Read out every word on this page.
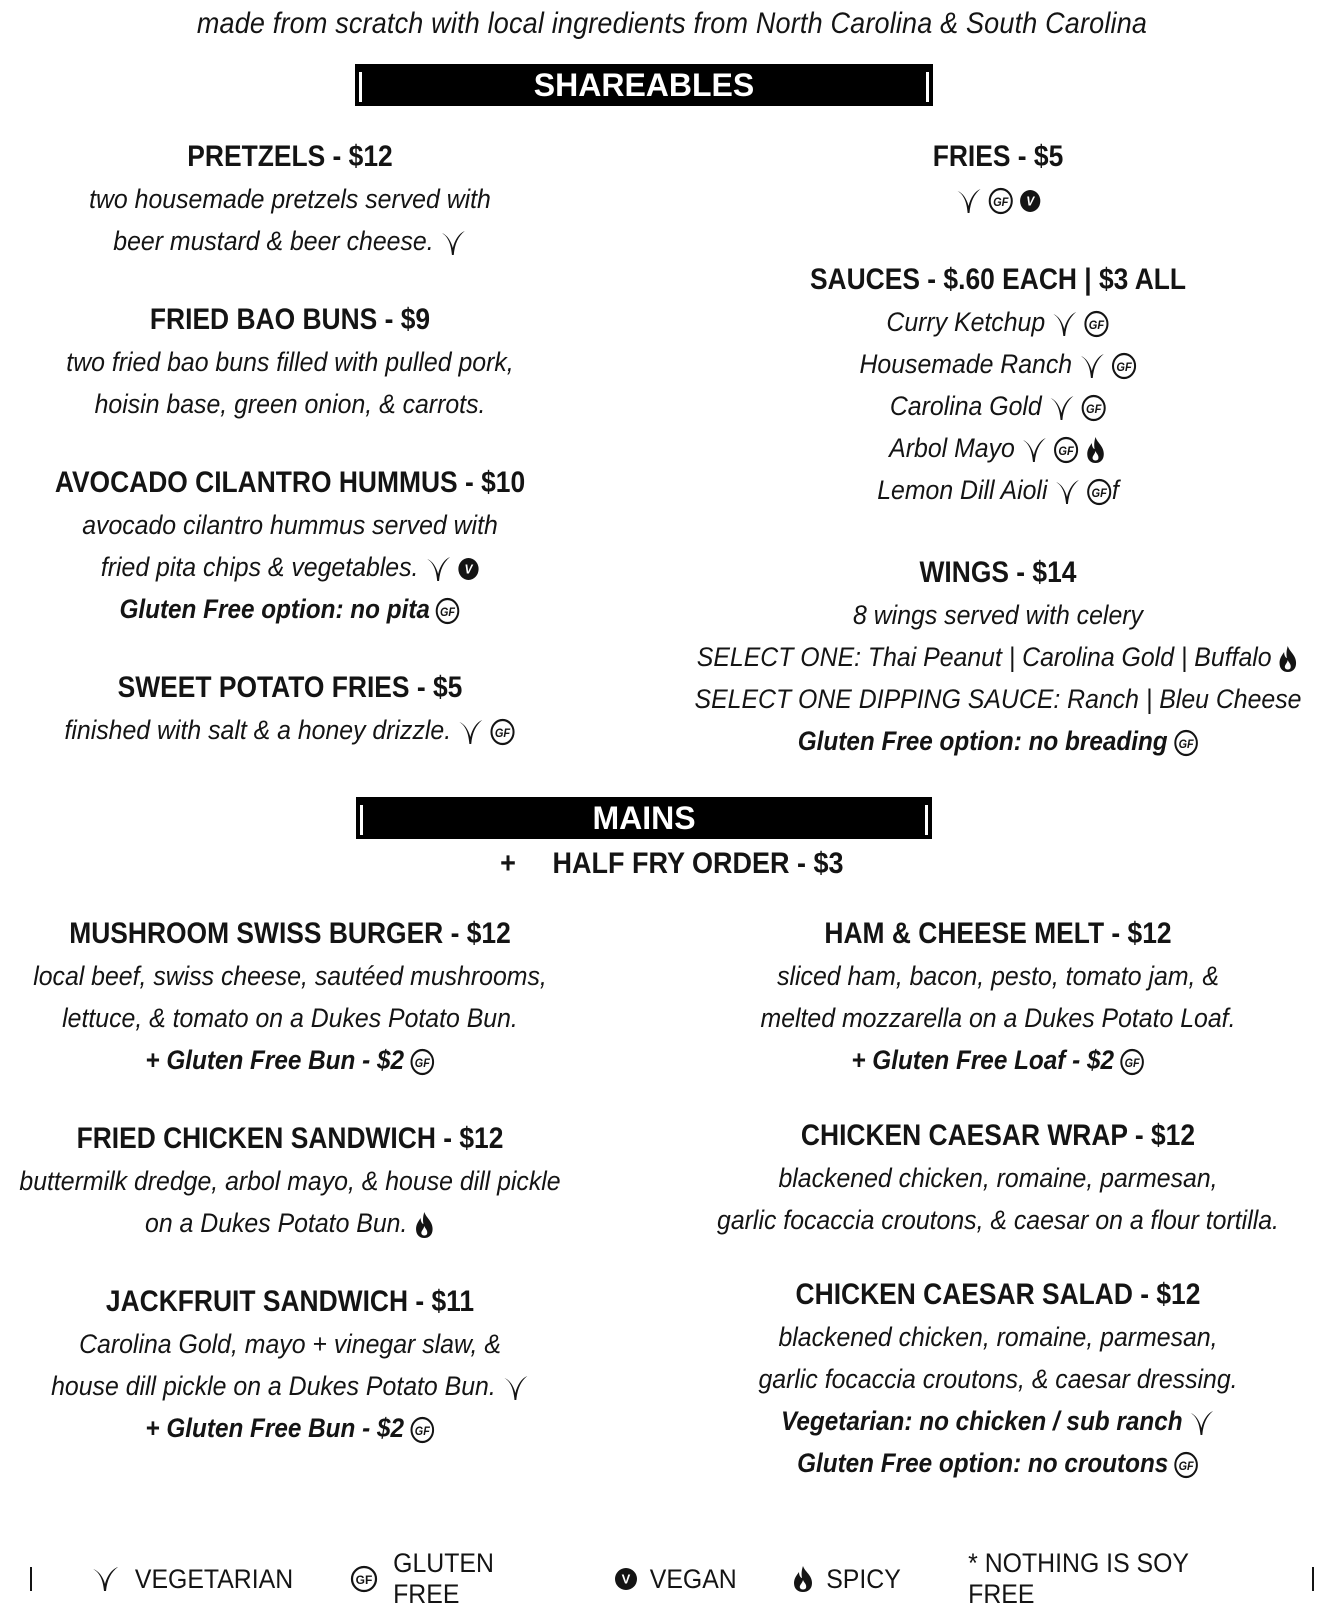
made from scratch with local ingredients from North Carolina & South Carolina
SHAREABLES
MAINS
+ HALF FRY ORDER - $3
VEGETARIAN	GF
GLUTEN FREE	V VEGAN	SPICY
* NOTHING IS SOY FREE
PRETZELS - $12
two housemade pretzels served with
beer mustard & beer cheese.
FRIED BAO BUNS - $9
two fried bao buns filled with pulled pork,
hoisin base, green onion, & carrots.
AVOCADO CILANTRO HUMMUS - $10
avocado cilantro hummus served with
fried pita chips & vegetables.	V
Gluten Free option: no pita GF
SWEET POTATO FRIES - $5
finished with salt & a honey drizzle.	GF
FRIES - $5
GF V
SAUCES - $.60 EACH | $3 ALL
Curry Ketchup	GF
Housemade Ranch	GF
Carolina Gold	GF
Arbol Mayo	GF
Lemon Dill Aioli	GF f
WINGS - $14
8 wings served with celery
SELECT ONE: Thai Peanut | Carolina Gold | Buffalo
SELECT ONE DIPPING SAUCE: Ranch | Bleu Cheese
Gluten Free option: no breading GF
MUSHROOM SWISS BURGER - $12
local beef, swiss cheese, sautéed mushrooms,
lettuce, & tomato on a Dukes Potato Bun.
+ Gluten Free Bun - $2 GF
FRIED CHICKEN SANDWICH - $12
buttermilk dredge, arbol mayo, & house dill pickle
on a Dukes Potato Bun.
JACKFRUIT SANDWICH - $11
Carolina Gold, mayo + vinegar slaw, &
house dill pickle on a Dukes Potato Bun.
+ Gluten Free Bun - $2 GF
HAM & CHEESE MELT - $12
sliced ham, bacon, pesto, tomato jam, &
melted mozzarella on a Dukes Potato Loaf.
+ Gluten Free Loaf - $2 GF
CHICKEN CAESAR WRAP - $12
blackened chicken, romaine, parmesan,
garlic focaccia croutons, & caesar on a flour tortilla.
CHICKEN CAESAR SALAD - $12
blackened chicken, romaine, parmesan,
garlic focaccia croutons, & caesar dressing.
Vegetarian: no chicken / sub ranch
Gluten Free option: no croutons GF
